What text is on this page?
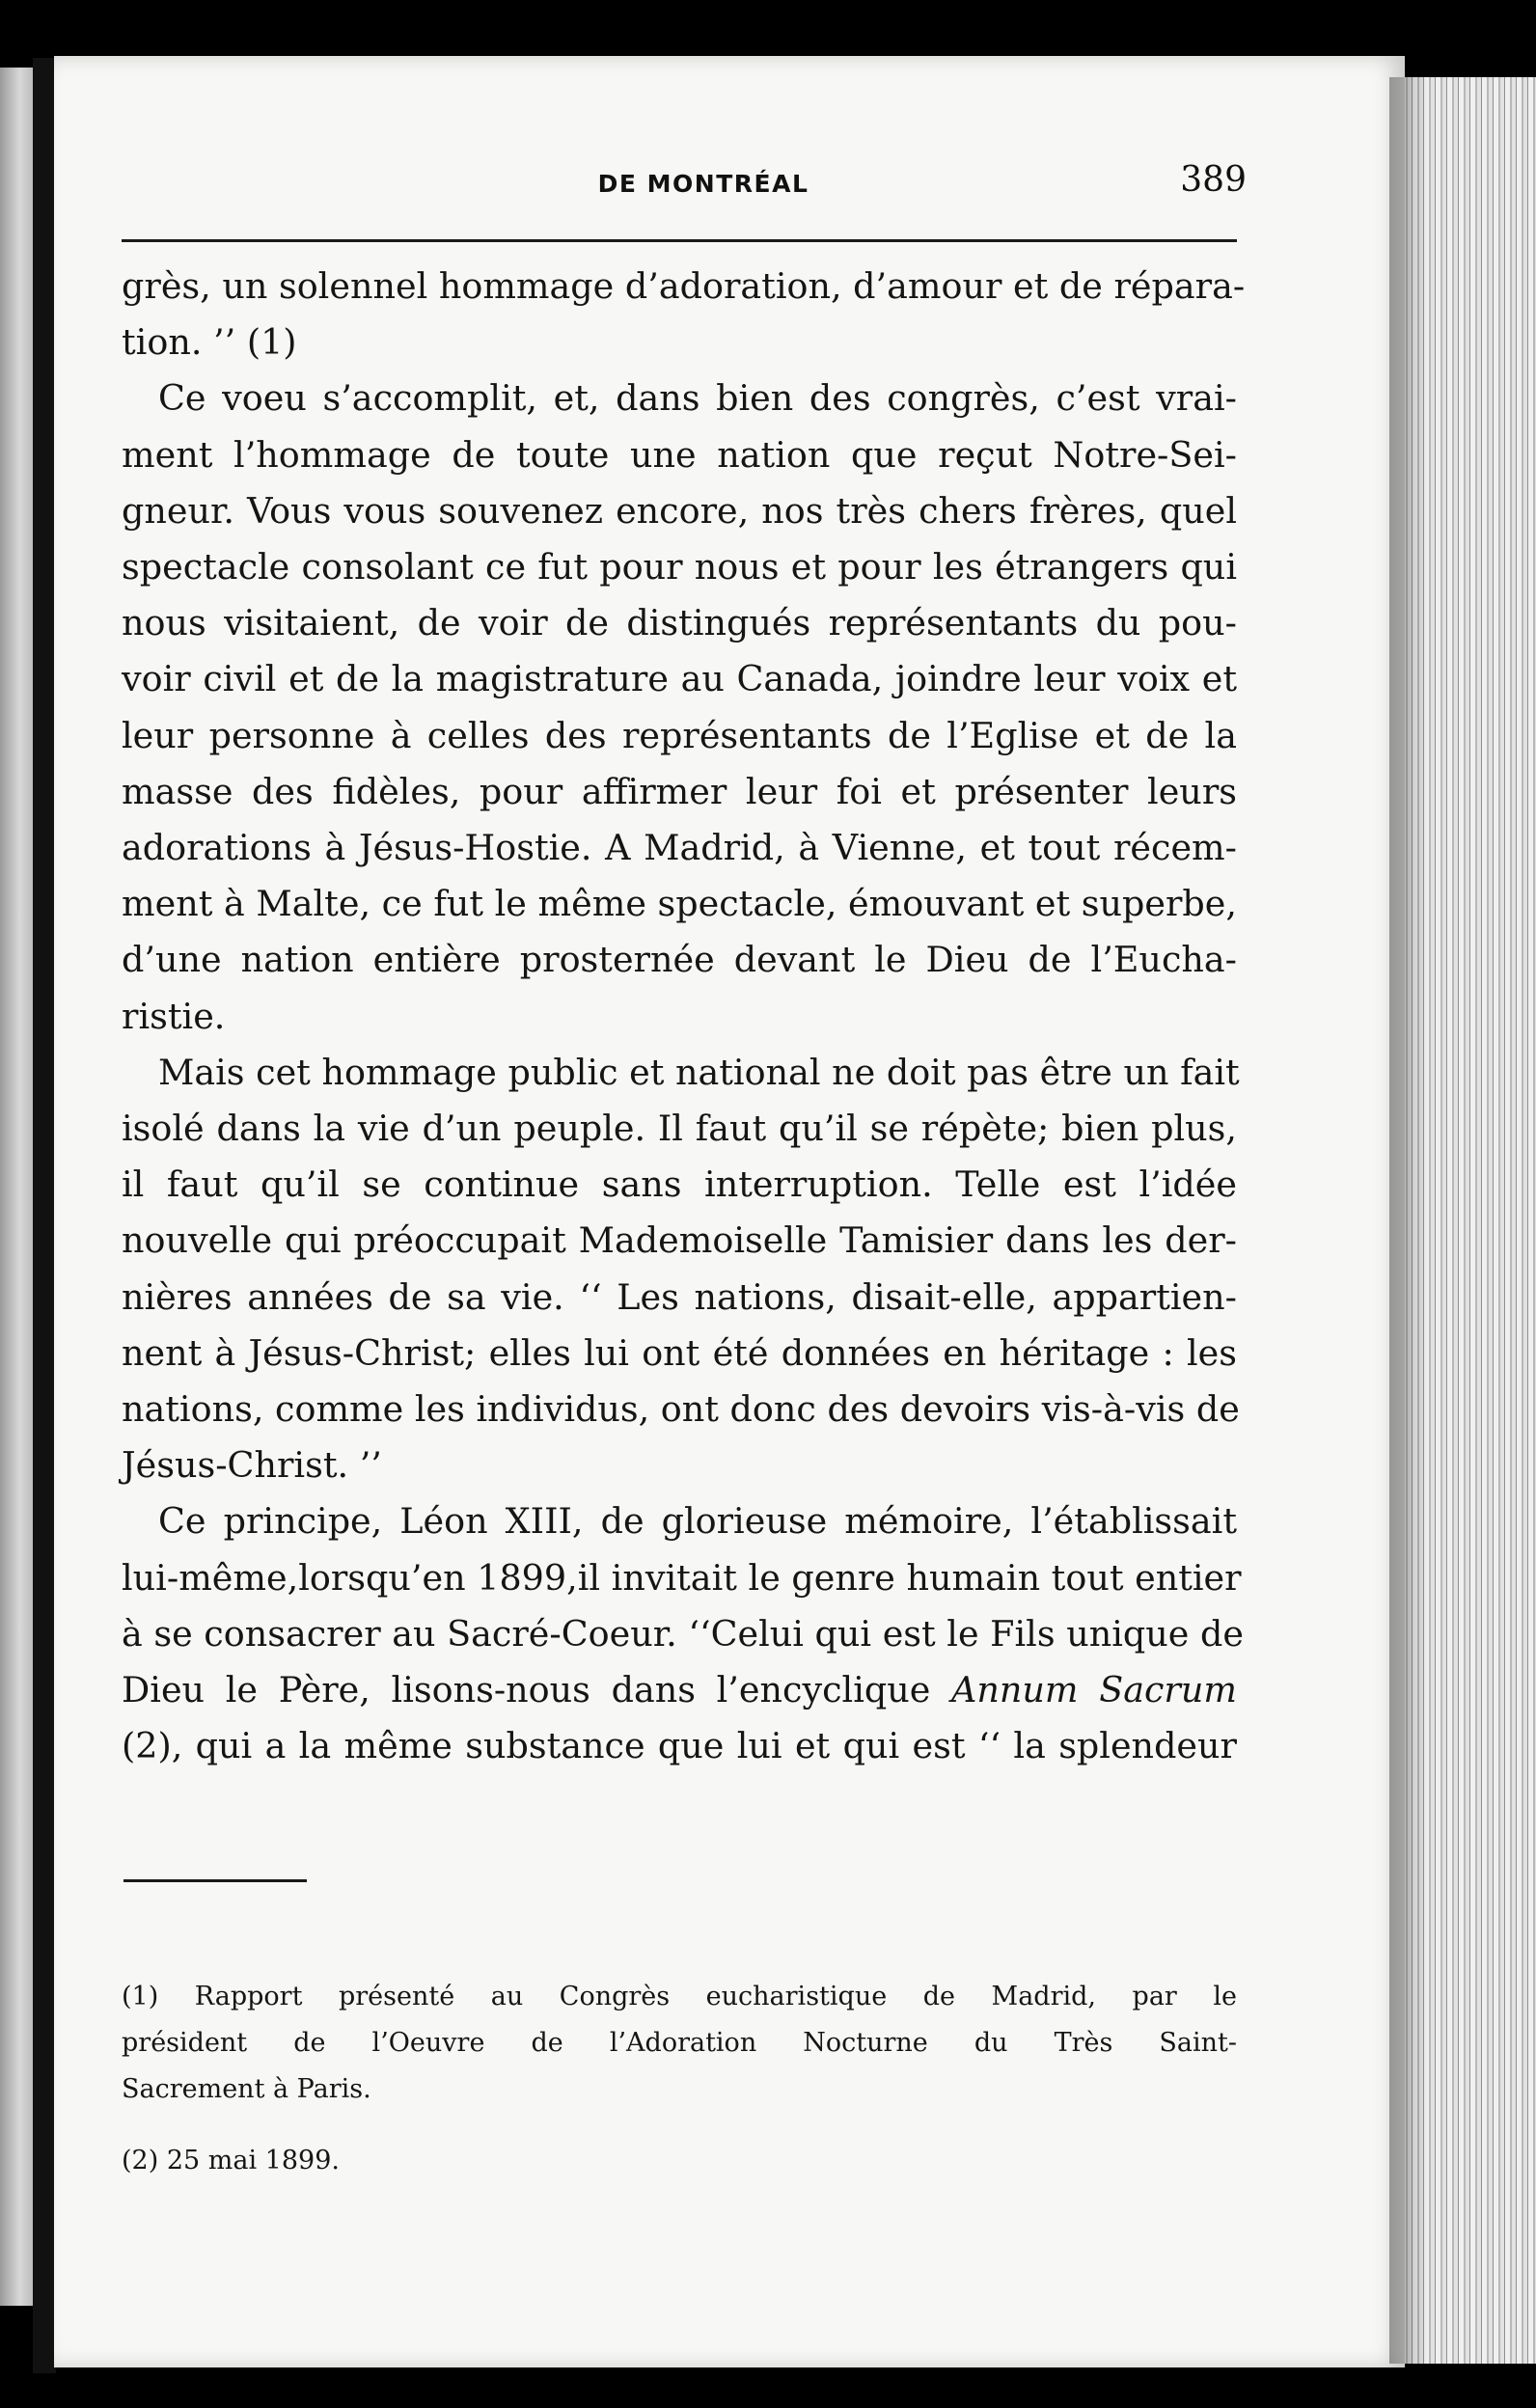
DE MONTRÉAL	389
grès, un solennel hommage d’adoration, d’amour et de répara-
tion. ’’ (1)
Ce voeu s’accomplit, et, dans bien des congrès, c’est vrai-
ment l’hommage de toute une nation que reçut Notre-Sei-
gneur. Vous vous souvenez encore, nos très chers frères, quel
spectacle consolant ce fut pour nous et pour les étrangers qui
nous visitaient, de voir de distingués représentants du pou-
voir civil et de la magistrature au Canada, joindre leur voix et
leur personne à celles des représentants de l’Eglise et de la
masse des fidèles, pour affirmer leur foi et présenter leurs
adorations à Jésus-Hostie. A Madrid, à Vienne, et tout récem-
ment à Malte, ce fut le même spectacle, émouvant et superbe,
d’une nation entière prosternée devant le Dieu de l’Eucha-
ristie.
Mais cet hommage public et national ne doit pas être un fait
isolé dans la vie d’un peuple. Il faut qu’il se répète; bien plus,
il faut qu’il se continue sans interruption. Telle est l’idée
nouvelle qui préoccupait Mademoiselle Tamisier dans les der-
nières années de sa vie. ‘‘ Les nations, disait-elle, appartien-
nent à Jésus-Christ; elles lui ont été données en héritage : les
nations, comme les individus, ont donc des devoirs vis-à-vis de
Jésus-Christ. ’’
Ce principe, Léon XIII, de glorieuse mémoire, l’établissait
lui-même,lorsqu’en 1899,il invitait le genre humain tout entier
à se consacrer au Sacré-Coeur. ‘‘Celui qui est le Fils unique de
Dieu le Père, lisons-nous dans l’encyclique Annum Sacrum
(2), qui a la même substance que lui et qui est ‘‘ la splendeur
(1) Rapport présenté au Congrès eucharistique de Madrid, par le
président de l’Oeuvre de l’Adoration Nocturne du Très Saint-
Sacrement à Paris.
(2) 25 mai 1899.
